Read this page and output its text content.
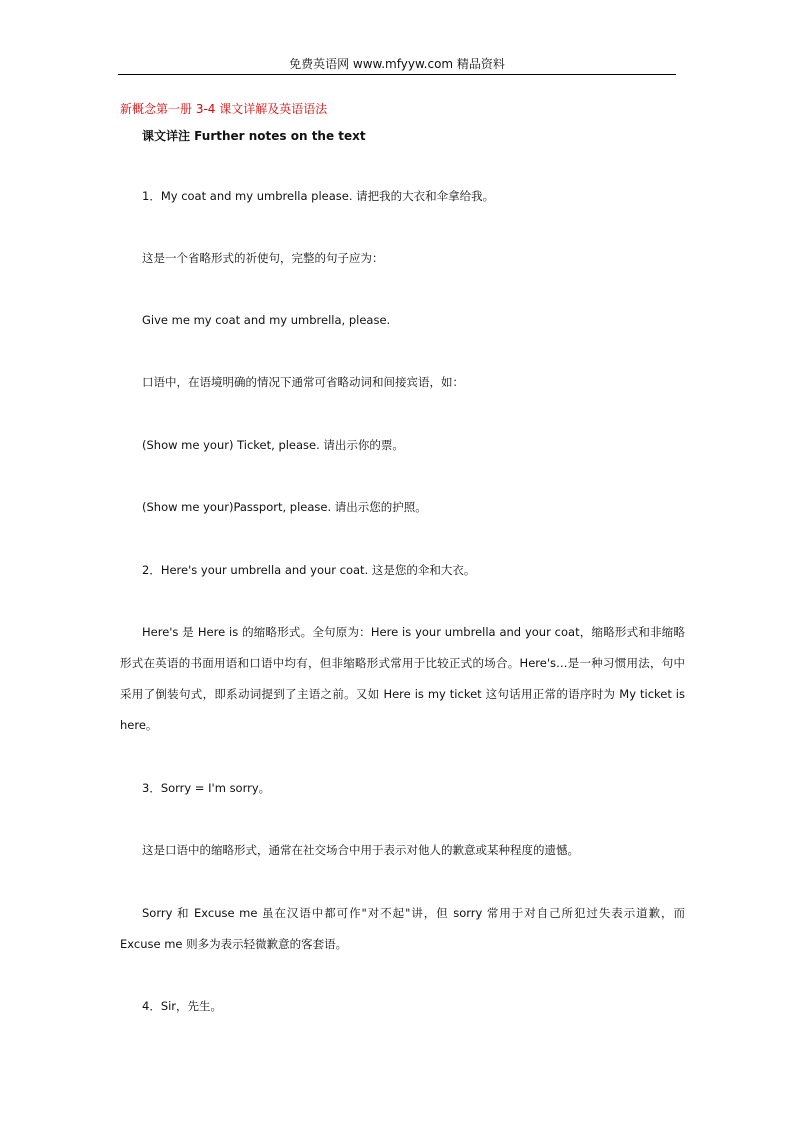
免费英语网 www.mfyyw.com 精品资料
新概念第一册 3-4 课文详解及英语语法
课文详注 Further notes on the text
1．My coat and my umbrella please. 请把我的大衣和伞拿给我。
这是一个省略形式的祈使句，完整的句子应为：
Give me my coat and my umbrella, please.
口语中，在语境明确的情况下通常可省略动词和间接宾语，如：
(Show me your) Ticket, please. 请出示你的票。
(Show me your)Passport, please. 请出示您的护照。
2．Here's your umbrella and your coat. 这是您的伞和大衣。
Here's 是 Here is 的缩略形式。全句原为：Here is your umbrella and your coat，缩略形式和非缩略形式在英语的书面用语和口语中均有，但非缩略形式常用于比较正式的场合。Here's…是一种习惯用法，句中采用了倒装句式，即系动词提到了主语之前。又如 Here is my ticket 这句话用正常的语序时为 My ticket is here。
3．Sorry = I'm sorry。
这是口语中的缩略形式，通常在社交场合中用于表示对他人的歉意或某种程度的遗憾。
Sorry 和 Excuse me 虽在汉语中都可作"对不起"讲，但 sorry 常用于对自己所犯过失表示道歉，而 Excuse me 则多为表示轻微歉意的客套语。
4．Sir，先生。
